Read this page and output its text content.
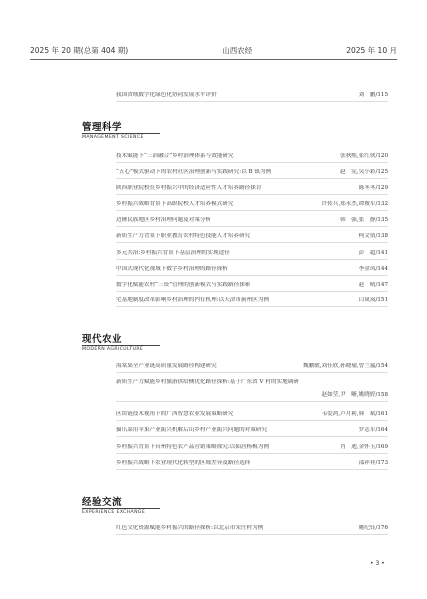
2025 年 20 期(总第 404 期)	山西农经	2025 年 10 月
我国省域数字化绿色化协同发展水平评价	刘　鹏/115
管理科学
MANAGEMENT SCIENCE
技术赋能下“三治融合”乡村治理体系与效能研究	张秋熙,张红侠/120
“五心”模式驱动下的农村社区治理创新与实践研究:以 B 镇为例	赵　宪,吴小彩/125
陕西职业院校在乡村振兴中的经济适应性人才培养路径探讨	陈冬冬/129
乡村振兴战略背景下高职院校人才培养模式研究	许传兵,郑永杰,谭俊军/132
边陲民族地区乡村治理问题及对策分析	韩　强,张　静/135
新质生产力背景下职业教育农村特色技能人才培养研究	柯文倩/138
多元共治:乡村振兴背景下基层治理的实现途径	彭　超/141
中国式现代化视域下数字乡村治理的路径探析	李金凤/144
数字化赋能农村“三资”管理的创新模式与实践路径探索	赵　晴/147
宅基地制度改革影响乡村治理的内在机理:以天津市蓟州区为例	白岚岚/151
现代农业
MODERN AGRICULTURE
海棠果全产业链高质量发展路径构建研究	魏鹏敏,刘佳欣,孙晓瑜,曾兰嵐/154
新质生产力赋能乡村旅游供给侧优化路径探析:基于广东省 V 村的实地调研

赵如莹,尹　晰,姚晓婷/158
区块链技术视角下的广西智慧农业发展策略研究	韦爱鸿,卢月莉,韩　斌/161
猫爪菜用苹果产业振兴机解后山乡村产业振兴问题的对策研究	罗志军/164
乡村振兴背景下台州特色农产品营销策略探究:以仙居杨梅为例	肖　迪,金怀玉/169
乡村振兴战略下农业现代化转型的区域差异及路径选择	邵祥祥/173
经验交流
EXPERIENCE EXCHANGE
红色文化资源赋能乡村振兴的路径探析:以北京市宋庄村为例	姚纪钰/176
• 3 •
